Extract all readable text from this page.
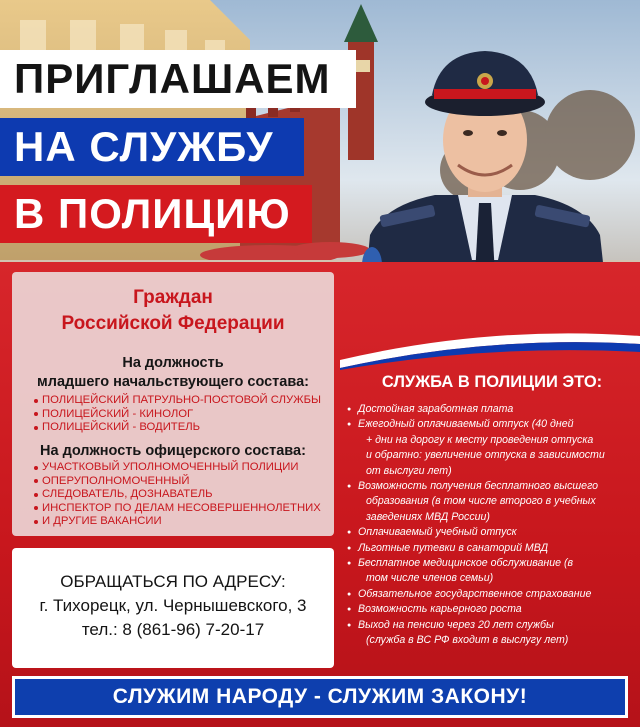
ПРИГЛАШАЕМ
НА СЛУЖБУ
В ПОЛИЦИЮ
Граждан
Российской Федерации
На должность
младшего начальствующего состава:
ПОЛИЦЕЙСКИЙ ПАТРУЛЬНО-ПОСТОВОЙ СЛУЖБЫ
ПОЛИЦЕЙСКИЙ - КИНОЛОГ
ПОЛИЦЕЙСКИЙ - ВОДИТЕЛЬ
На должность офицерского состава:
УЧАСТКОВЫЙ УПОЛНОМОЧЕННЫЙ ПОЛИЦИИ
ОПЕРУПОЛНОМОЧЕННЫЙ
СЛЕДОВАТЕЛЬ, ДОЗНАВАТЕЛЬ
ИНСПЕКТОР ПО ДЕЛАМ НЕСОВЕРШЕННОЛЕТНИХ
И ДРУГИЕ ВАКАНСИИ
ОБРАЩАТЬСЯ ПО АДРЕСУ:
г. Тихорецк, ул. Чернышевского, 3
тел.: 8 (861-96) 7-20-17
СЛУЖБА В ПОЛИЦИИ ЭТО:
● Достойная заработная плата
● Ежегодный оплачиваемый отпуск (40 дней
+ дни на дорогу к месту проведения отпуска
и обратно: увеличение отпуска в зависимости
от выслуги лет)
● Возможность получения бесплатного высшего
образования (в том числе второго в учебных
заведениях МВД России)
● Оплачиваемый учебный отпуск
● Льготные путевки в санаторий МВД
● Бесплатное медицинское обслуживание (в
том числе членов семьи)
● Обязательное государственное страхование
● Возможность карьерного роста
● Выход на пенсию через 20 лет службы
(служба в ВС РФ входит в выслугу лет)
СЛУЖИМ НАРОДУ - СЛУЖИМ ЗАКОНУ!
